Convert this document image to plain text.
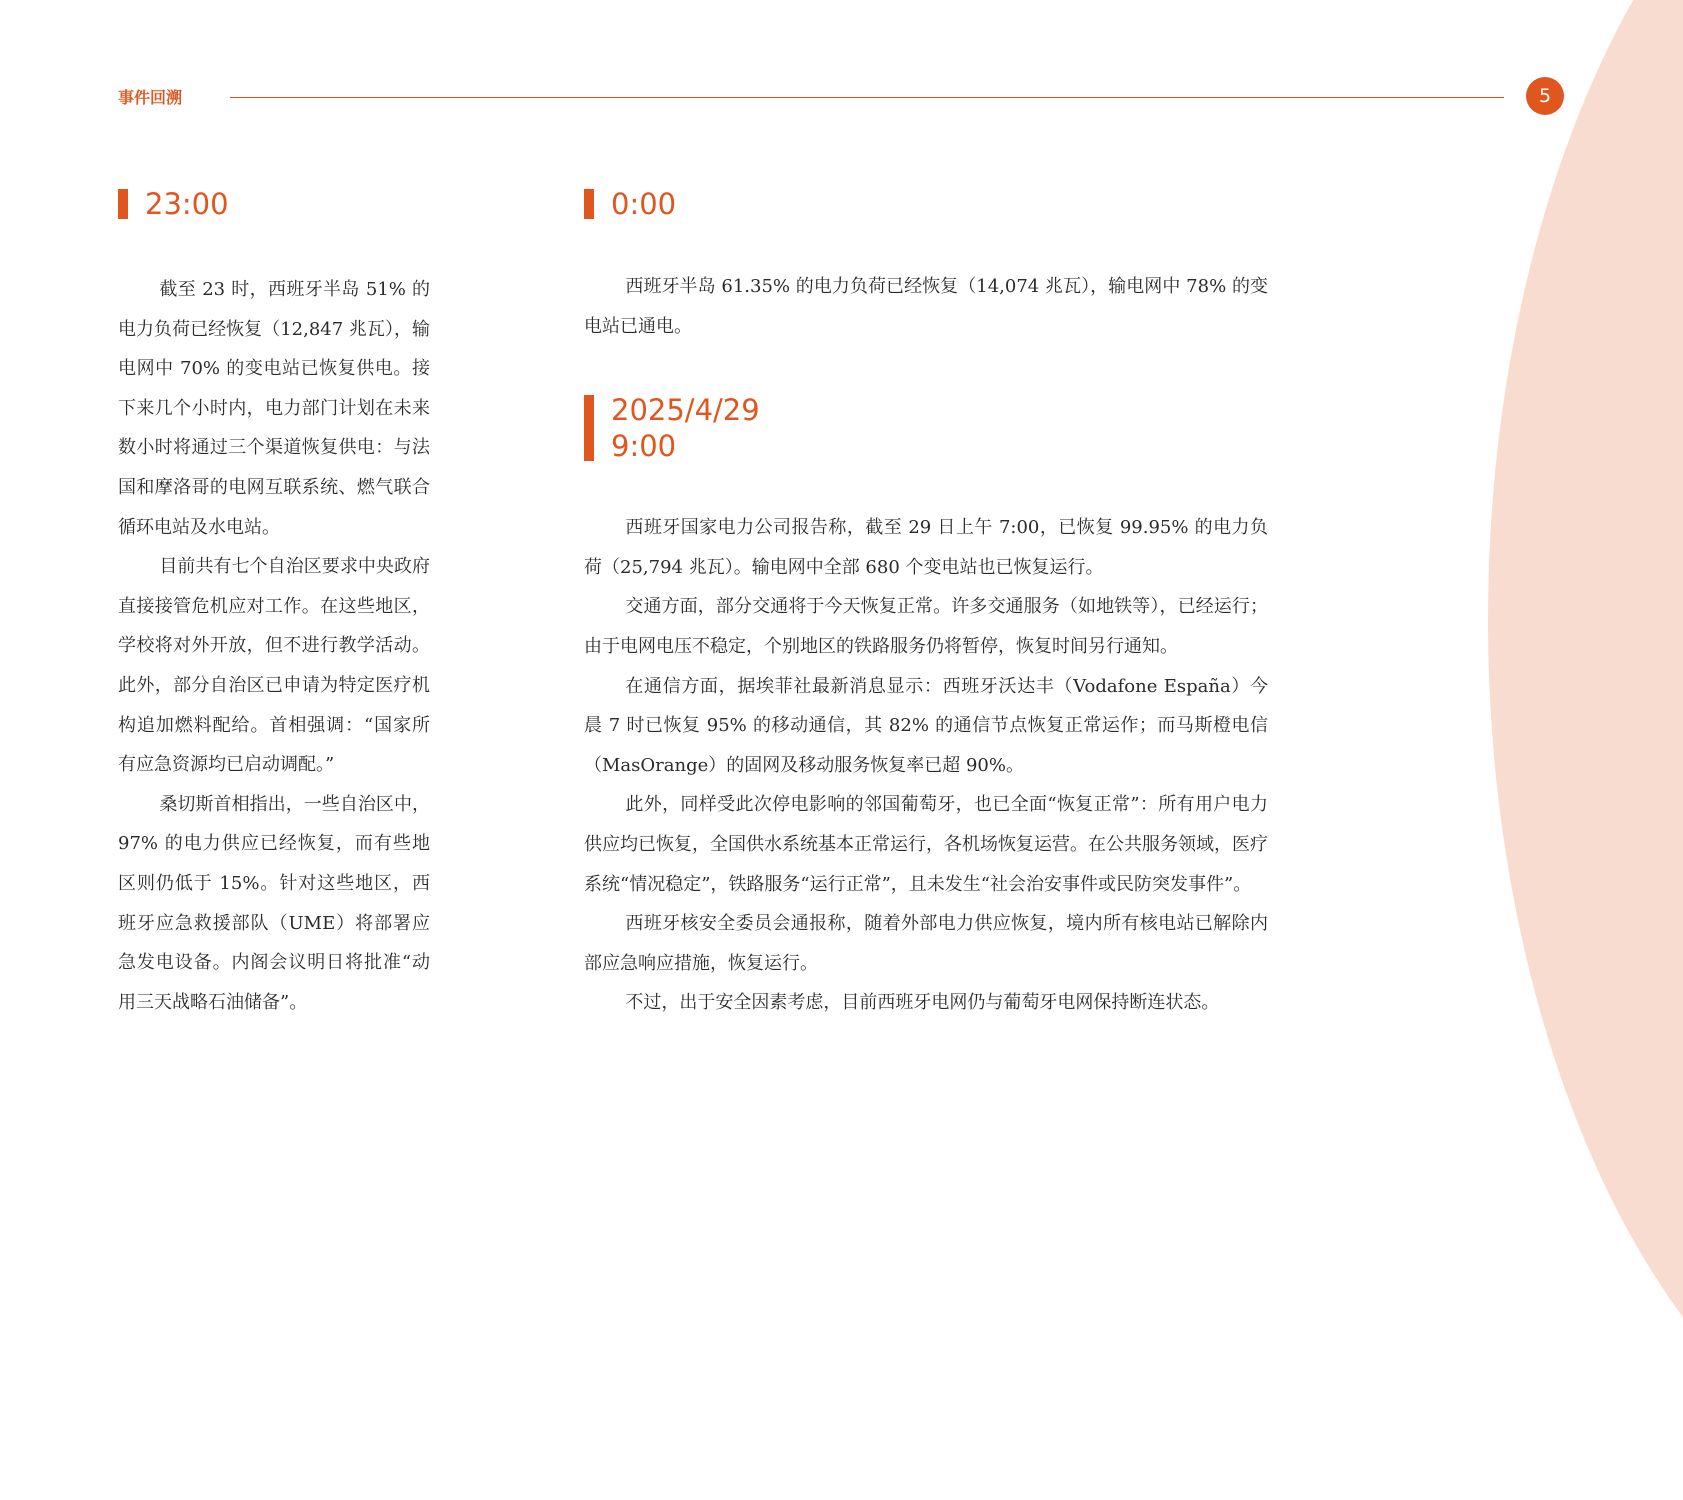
事件回溯	5
23:00

截至 23 时，西班牙半岛 51% 的电力负荷已经恢复（12,847 兆瓦），输电网中 70% 的变电站已恢复供电。接下来几个小时内，电力部门计划在未来数小时将通过三个渠道恢复供电：与法国和摩洛哥的电网互联系统、燃气联合循环电站及水电站。

目前共有七个自治区要求中央政府直接接管危机应对工作。在这些地区，学校将对外开放，但不进行教学活动。此外，部分自治区已申请为特定医疗机构追加燃料配给。首相强调：“国家所有应急资源均已启动调配。”

桑切斯首相指出，一些自治区中，97% 的电力供应已经恢复，而有些地区则仍低于 15%。针对这些地区，西班牙应急救援部队（UME）将部署应急发电设备。内阁会议明日将批准“动用三天战略石油储备”。

0:00

西班牙半岛 61.35% 的电力负荷已经恢复（14,074 兆瓦），输电网中 78% 的变电站已通电。

2025/4/29
9:00

西班牙国家电力公司报告称，截至 29 日上午 7:00，已恢复 99.95% 的电力负荷（25,794 兆瓦）。输电网中全部 680 个变电站也已恢复运行。

交通方面，部分交通将于今天恢复正常。许多交通服务（如地铁等），已经运行；由于电网电压不稳定，个别地区的铁路服务仍将暂停，恢复时间另行通知。

在通信方面，据埃菲社最新消息显示：西班牙沃达丰（Vodafone España）今晨 7 时已恢复 95% 的移动通信，其 82% 的通信节点恢复正常运作；而马斯橙电信（MasOrange）的固网及移动服务恢复率已超 90%。

此外，同样受此次停电影响的邻国葡萄牙，也已全面“恢复正常”：所有用户电力供应均已恢复，全国供水系统基本正常运行，各机场恢复运营。在公共服务领域，医疗系统“情况稳定”，铁路服务“运行正常”，且未发生“社会治安事件或民防突发事件”。

西班牙核安全委员会通报称，随着外部电力供应恢复，境内所有核电站已解除内部应急响应措施，恢复运行。

不过，出于安全因素考虑，目前西班牙电网仍与葡萄牙电网保持断连状态。
